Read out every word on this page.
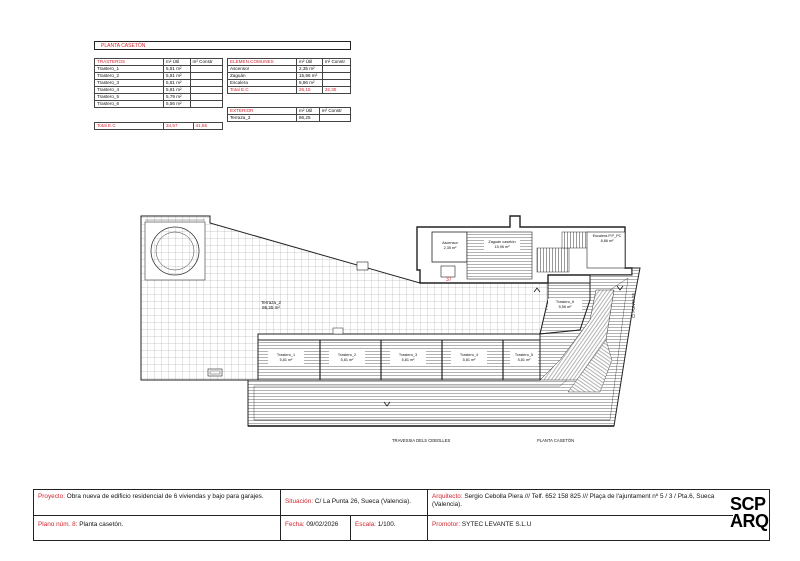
PLANTA CASETÓN
TRASTEROS	m² Útil	m² Constr
Trastero_1	5,81 m²	
Trastero_2	5,81 m²	
Trastero_3	5,81 m²	
Trastero_4	5,81 m²	
Trastero_5	5,79 m²	
Trastero_6	5,56 m²	
Total E.C	34,57	41,65
ELEMEN.COMUNES	m² Útil	m² Constr
Ascensor	2,35 m²	
Zaguán	15,96 m²	
Escalera	8,86 m²	
Total E.C	26,15	32,30
EXTERIOR	m² Útil	m² Constr
Terraza_2	86,25	
37
Terraza_2
86,25 m²
Ascensor
2,35 m²
Zaguán casetón
15,96 m²
Escalera P.P_PC
8,86 m²
Trastero_1
5,81 m²
Trastero_2
5,81 m²
Trastero_3
5,81 m²
Trastero_4
5,81 m²
Trastero_5
5,81 m²
Trastero_6
5,56 m²
TRAVESSIA DELS CEBOLLES	PLANTA CASETÓN
C/ PUNTA 26
Proyecto: Obra nueva de edificio residencial de 6 viviendas y bajo para garajes.
Situación: C/ La Punta 26, Sueca (Valencia).
Arquitecto: Sergio Cebolla Piera /// Telf. 652 158 825 /// Plaça de l'ajuntament nº 5 / 3 / Pta.6, Sueca (Valencia).
Plano núm. 8: Planta casetón.	Fecha: 09/02/2026	Escala: 1/100.	Promotor: SYTEC LEVANTE S.L.U
SCP
ARQ
